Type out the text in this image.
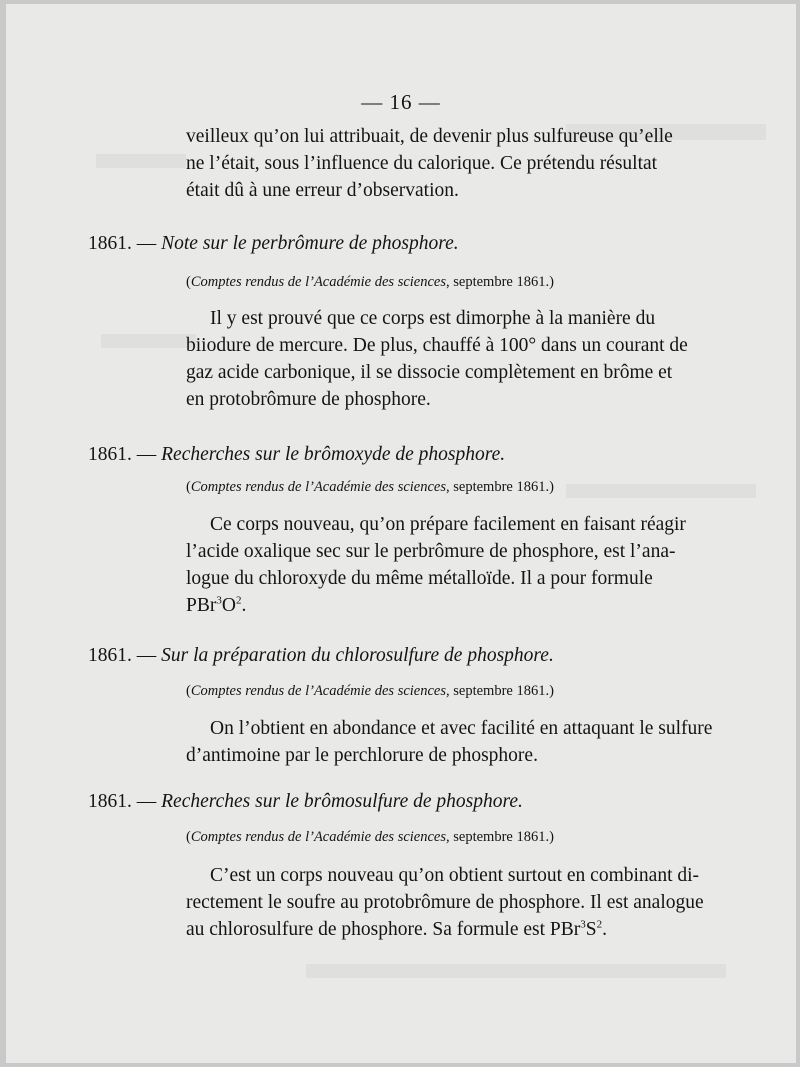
— 16 —
veilleux qu’on lui attribuait, de devenir plus sulfureuse qu’elle
ne l’était, sous l’influence du calorique. Ce prétendu résultat
était dû à une erreur d’observation.
1861. — Note sur le perbrômure de phosphore.
(Comptes rendus de l’Académie des sciences, septembre 1861.)
Il y est prouvé que ce corps est dimorphe à la manière du
biiodure de mercure. De plus, chauffé à 100° dans un courant de
gaz acide carbonique, il se dissocie complètement en brôme et
en protobrômure de phosphore.
1861. — Recherches sur le brômoxyde de phosphore.
(Comptes rendus de l’Académie des sciences, septembre 1861.)
Ce corps nouveau, qu’on prépare facilement en faisant réagir
l’acide oxalique sec sur le perbrômure de phosphore, est l’ana-
logue du chloroxyde du même métalloïde. Il a pour formule
$PBr^3O^2$.
1861. — Sur la préparation du chlorosulfure de phosphore.
(Comptes rendus de l’Académie des sciences, septembre 1861.)
On l’obtient en abondance et avec facilité en attaquant le sulfure
d’antimoine par le perchlorure de phosphore.
1861. — Recherches sur le brômosulfure de phosphore.
(Comptes rendus de l’Académie des sciences, septembre 1861.)
C’est un corps nouveau qu’on obtient surtout en combinant di-
rectement le soufre au protobrômure de phosphore. Il est analogue
au chlorosulfure de phosphore. Sa formule est $PBr^3S^2$.
